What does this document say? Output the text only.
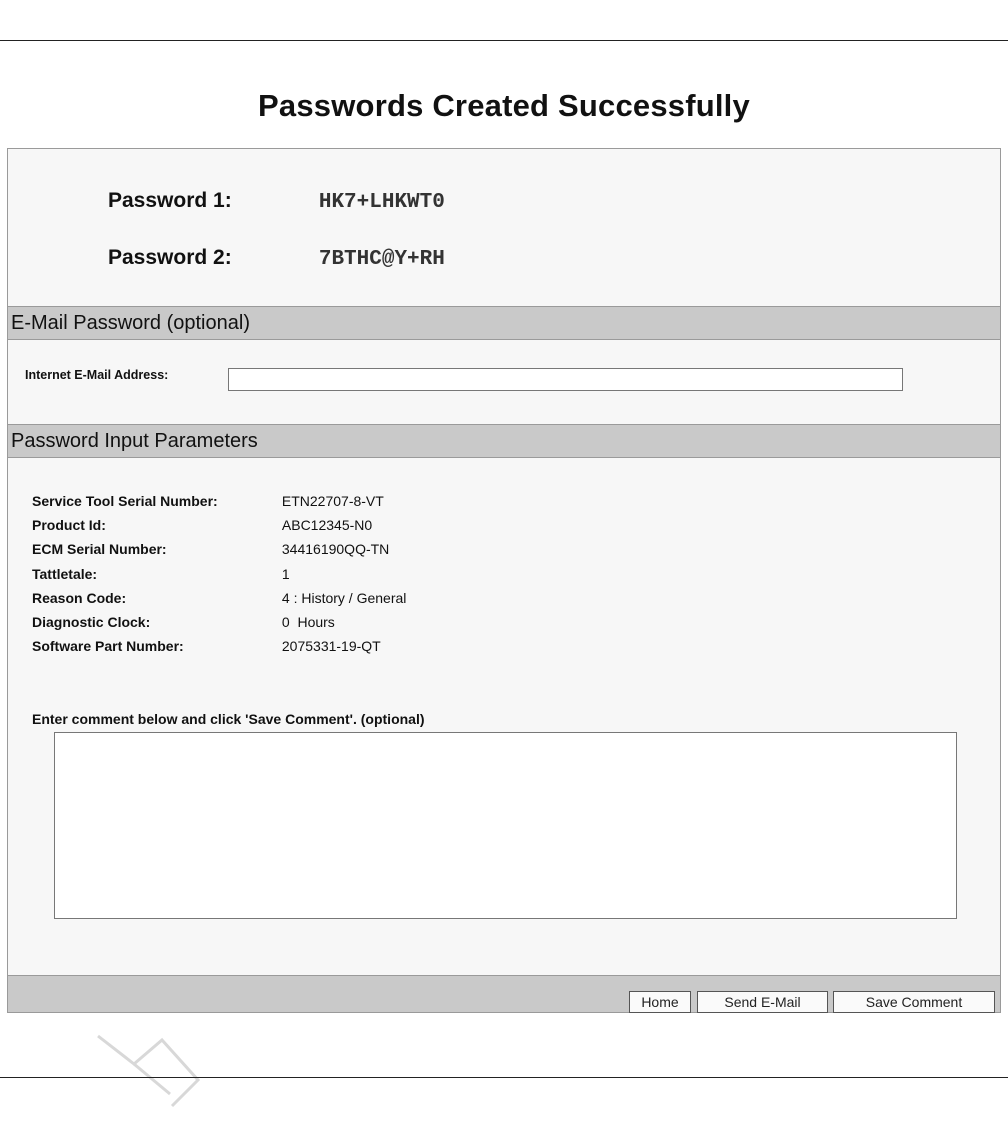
Passwords Created Successfully
Password 1:	HK7+LHKWT0
Password 2:	7BTHC@Y+RH
E-Mail Password (optional)
Internet E-Mail Address:
Password Input Parameters
Service Tool Serial Number:	ETN22707-8-VT
Product Id:	ABC12345-N0
ECM Serial Number:	34416190QQ-TN
Tattletale:	1
Reason Code:	4 : History / General
Diagnostic Clock:	0  Hours
Software Part Number:	2075331-19-QT
Enter comment below and click 'Save Comment'. (optional)
Home	Send E-Mail	Save Comment
